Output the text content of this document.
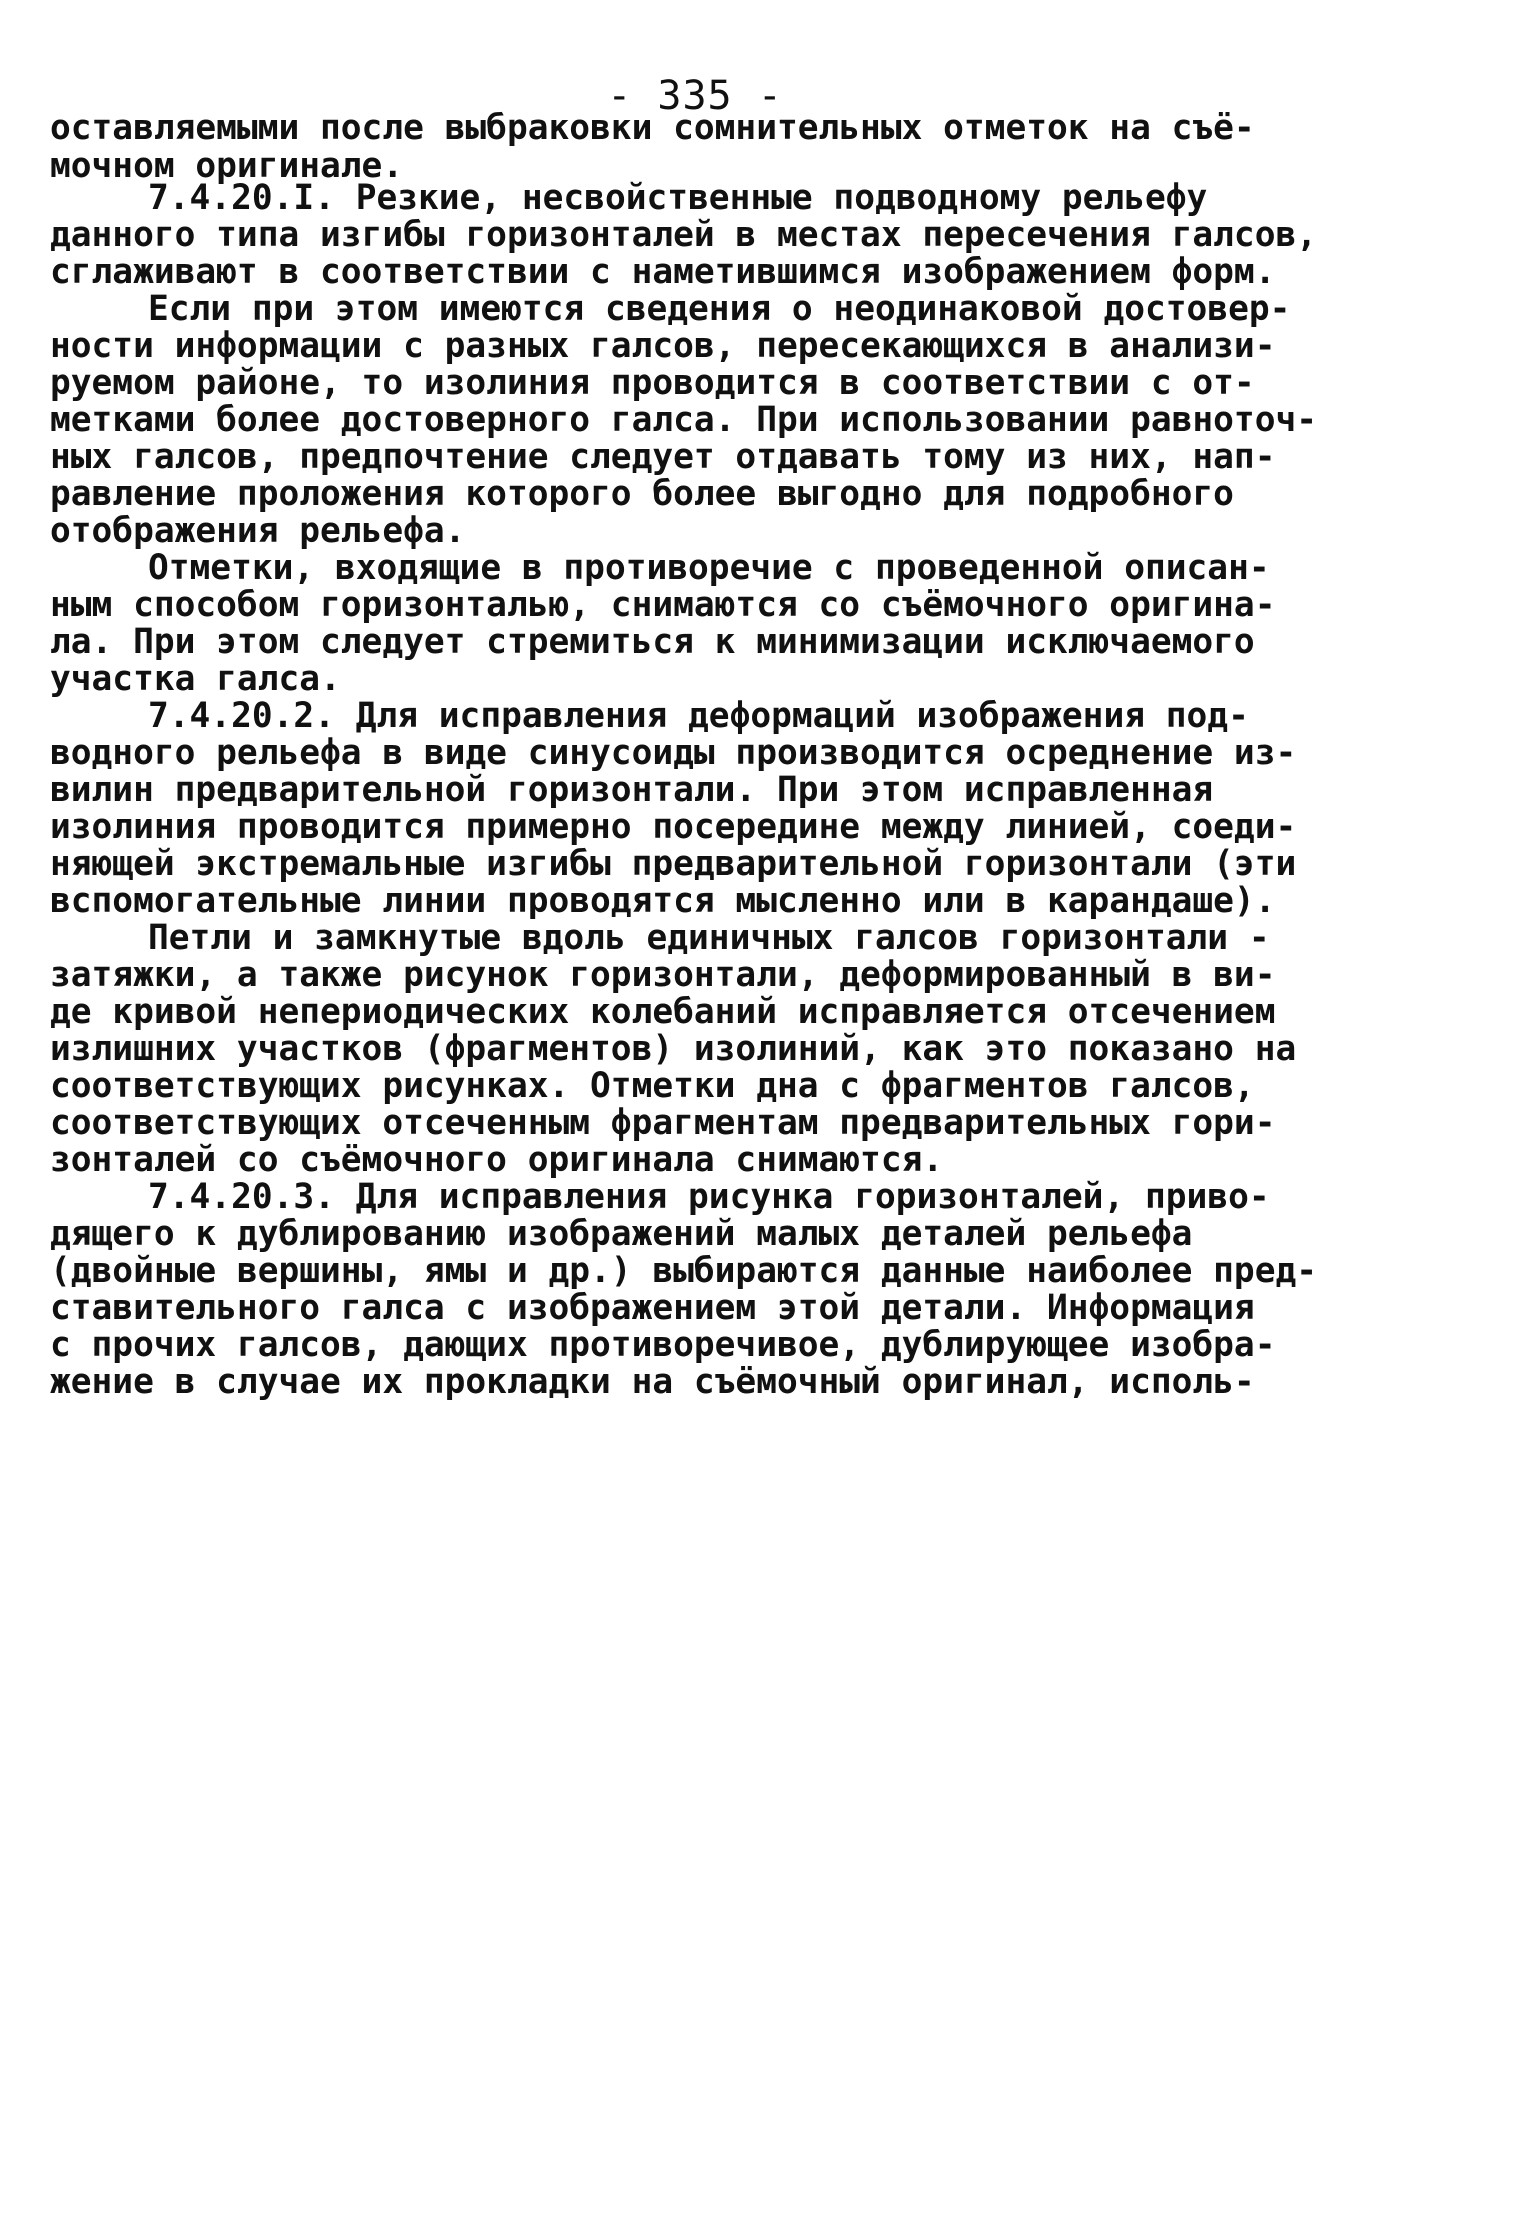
- 335 -
оставляемыми после выбраковки сомнительных отметок на съё-
мочном оригинале.
7.4.20.I. Резкие, несвойственные подводному рельефу
данного типа изгибы горизонталей в местах пересечения галсов,
сглаживают в соответствии с наметившимся изображением форм.
Если при этом имеются сведения о неодинаковой достовер-
ности информации с разных галсов, пересекающихся в анализи-
руемом районе, то изолиния проводится в соответствии с от-
метками более достоверного галса. При использовании равноточ-
ных галсов, предпочтение следует отдавать тому из них, нап-
равление проложения которого более выгодно для подробного
отображения рельефа.
Отметки, входящие в противоречие с проведенной описан-
ным способом горизонталью, снимаются со съёмочного оригина-
ла. При этом следует стремиться к минимизации исключаемого
участка галса.
7.4.20.2. Для исправления деформаций изображения под-
водного рельефа в виде синусоиды производится осреднение из-
вилин предварительной горизонтали. При этом исправленная
изолиния проводится примерно посередине между линией, соеди-
няющей экстремальные изгибы предварительной горизонтали (эти
вспомогательные линии проводятся мысленно или в карандаше).
Петли и замкнутые вдоль единичных галсов горизонтали -
затяжки, а также рисунок горизонтали, деформированный в ви-
де кривой непериодических колебаний исправляется отсечением
излишних участков (фрагментов) изолиний, как это показано на
соответствующих рисунках. Отметки дна с фрагментов галсов,
соответствующих отсеченным фрагментам предварительных гори-
зонталей со съёмочного оригинала снимаются.
7.4.20.3. Для исправления рисунка горизонталей, приво-
дящего к дублированию изображений малых деталей рельефа
(двойные вершины, ямы и др.) выбираются данные наиболее пред-
ставительного галса с изображением этой детали. Информация
с прочих галсов, дающих противоречивое, дублирующее изобра-
жение в случае их прокладки на съёмочный оригинал, исполь-
